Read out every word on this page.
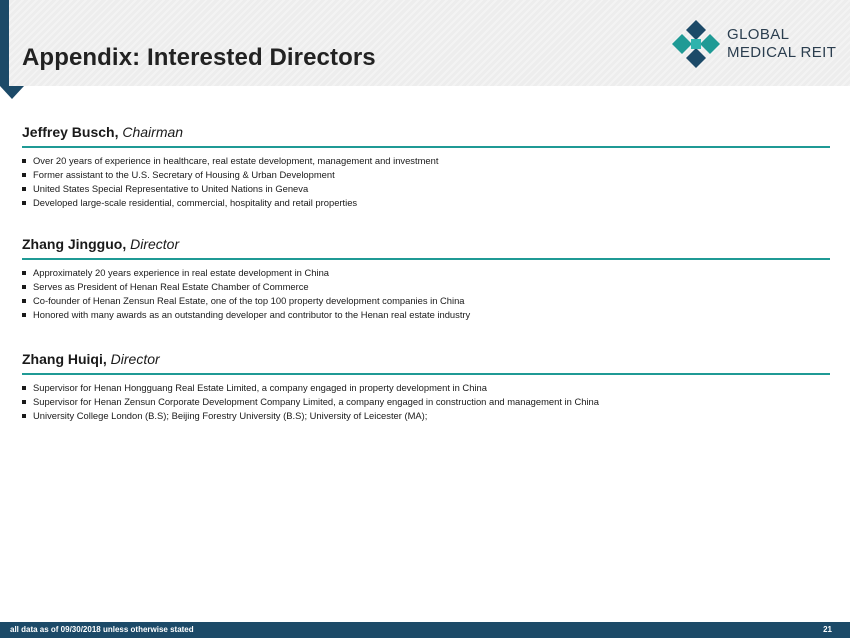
Appendix: Interested Directors
GLOBAL
MEDICAL REIT
Jeffrey Busch, Chairman
Over 20 years of experience in healthcare, real estate development, management and investment
Former assistant to the U.S. Secretary of Housing & Urban Development
United States Special Representative to United Nations in Geneva
Developed large-scale residential, commercial, hospitality and retail properties
Zhang Jingguo, Director
Approximately 20 years experience in real estate development in China
Serves as President of Henan Real Estate Chamber of Commerce
Co-founder of Henan Zensun Real Estate, one of the top 100 property development companies in China
Honored with many awards as an outstanding developer and contributor to the Henan real estate industry
Zhang Huiqi, Director
Supervisor for Henan Hongguang Real Estate Limited, a company engaged in property development in China
Supervisor for Henan Zensun Corporate Development Company Limited, a company engaged in construction and management in China
University College London (B.S); Beijing Forestry University (B.S); University of Leicester (MA);
all data as of 09/30/2018 unless otherwise stated	21
